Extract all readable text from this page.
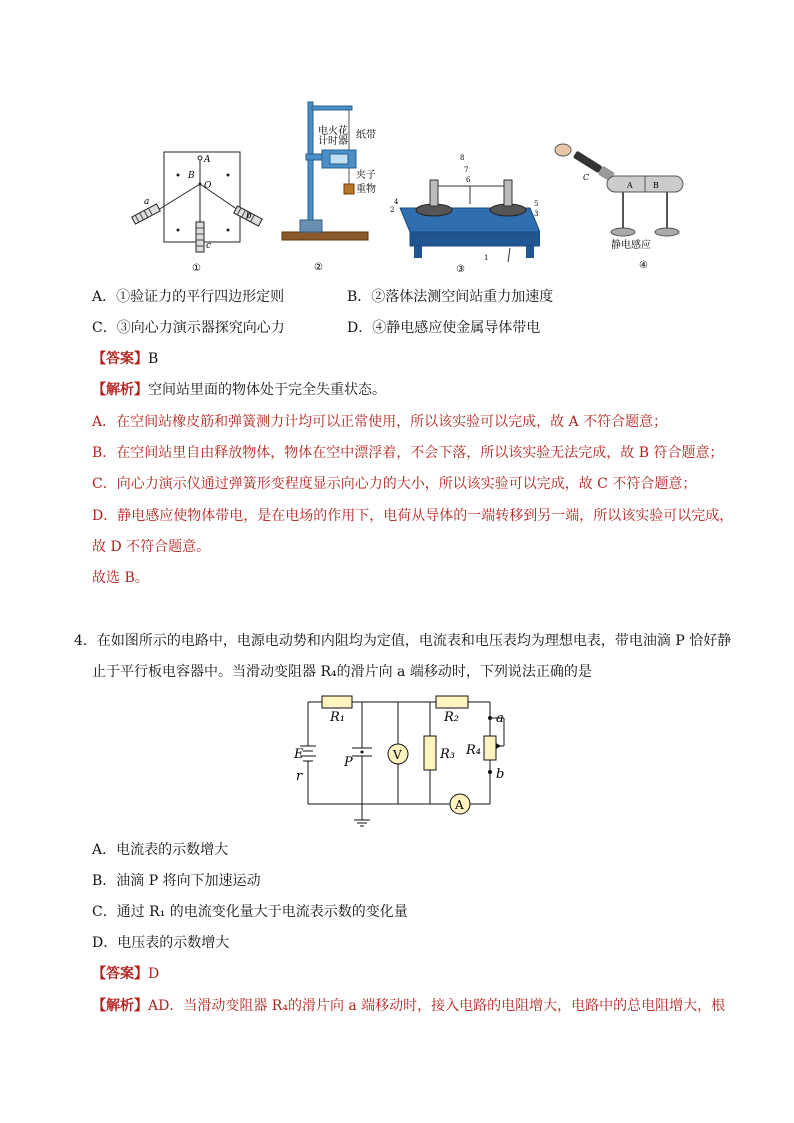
A
B
O
a
b
c
①
电火花
计时器
纸带
夹子
重物
②
8
7
6
4
2
5
3
1
③
C
A	B
静电感应
④
A．①验证力的平行四边形定则	B．②落体法测空间站重力加速度
C．③向心力演示器探究向心力	D．④静电感应使金属导体带电
【答案】B
【解析】空间站里面的物体处于完全失重状态。
A．在空间站橡皮筋和弹簧测力计均可以正常使用，所以该实验可以完成，故 A 不符合题意；
B．在空间站里自由释放物体，物体在空中漂浮着，不会下落，所以该实验无法完成，故 B 符合题意；
C．向心力演示仪通过弹簧形变程度显示向心力的大小，所以该实验可以完成，故 C 不符合题意；
D．静电感应使物体带电，是在电场的作用下，电荷从导体的一端转移到另一端，所以该实验可以完成，
故 D 不符合题意。
故选 B。
4．在如图所示的电路中，电源电动势和内阻均为定值，电流表和电压表均为理想电表，带电油滴 P 恰好静
止于平行板电容器中。当滑动变阻器 R₄的滑片向 a 端移动时，下列说法正确的是
R₁	R₂
R₃ R₄
E
r
P	V
A
a
b
A．电流表的示数增大
B．油滴 P 将向下加速运动
C．通过 R₁ 的电流变化量大于电流表示数的变化量
D．电压表的示数增大
【答案】D
【解析】AD．当滑动变阻器 R₄的滑片向 a 端移动时，接入电路的电阻增大，电路中的总电阻增大，根
